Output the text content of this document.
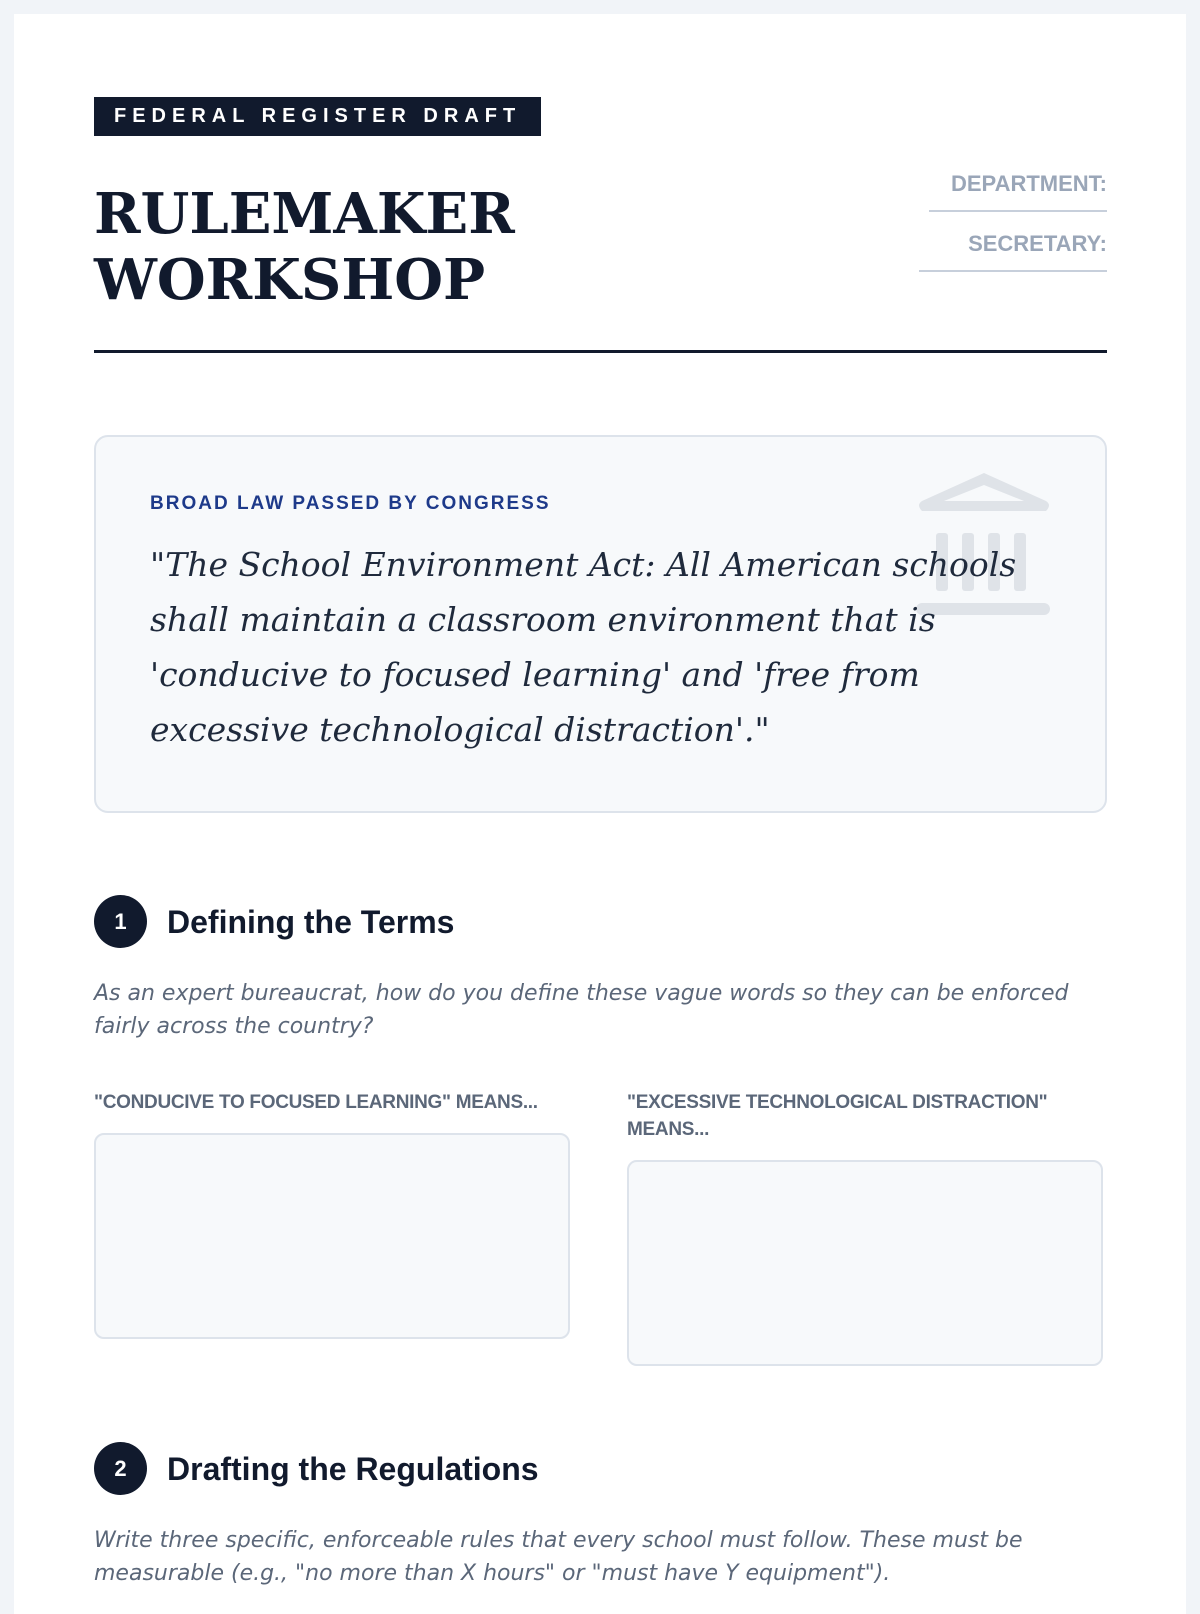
FEDERAL REGISTER DRAFT
RULEMAKER
WORKSHOP
DEPARTMENT:
SECRETARY:
BROAD LAW PASSED BY CONGRESS

"The School Environment Act: All American schools shall maintain a classroom environment that is 'conducive to focused learning' and 'free from excessive technological distraction'."

1	Defining the Terms

As an expert bureaucrat, how do you define these vague words so they can be enforced fairly across the country?

"CONDUCIVE TO FOCUSED LEARNING" MEANS...	"EXCESSIVE TECHNOLOGICAL DISTRACTION" MEANS...

2	Drafting the Regulations

Write three specific, enforceable rules that every school must follow. These must be measurable (e.g., "no more than X hours" or "must have Y equipment").
